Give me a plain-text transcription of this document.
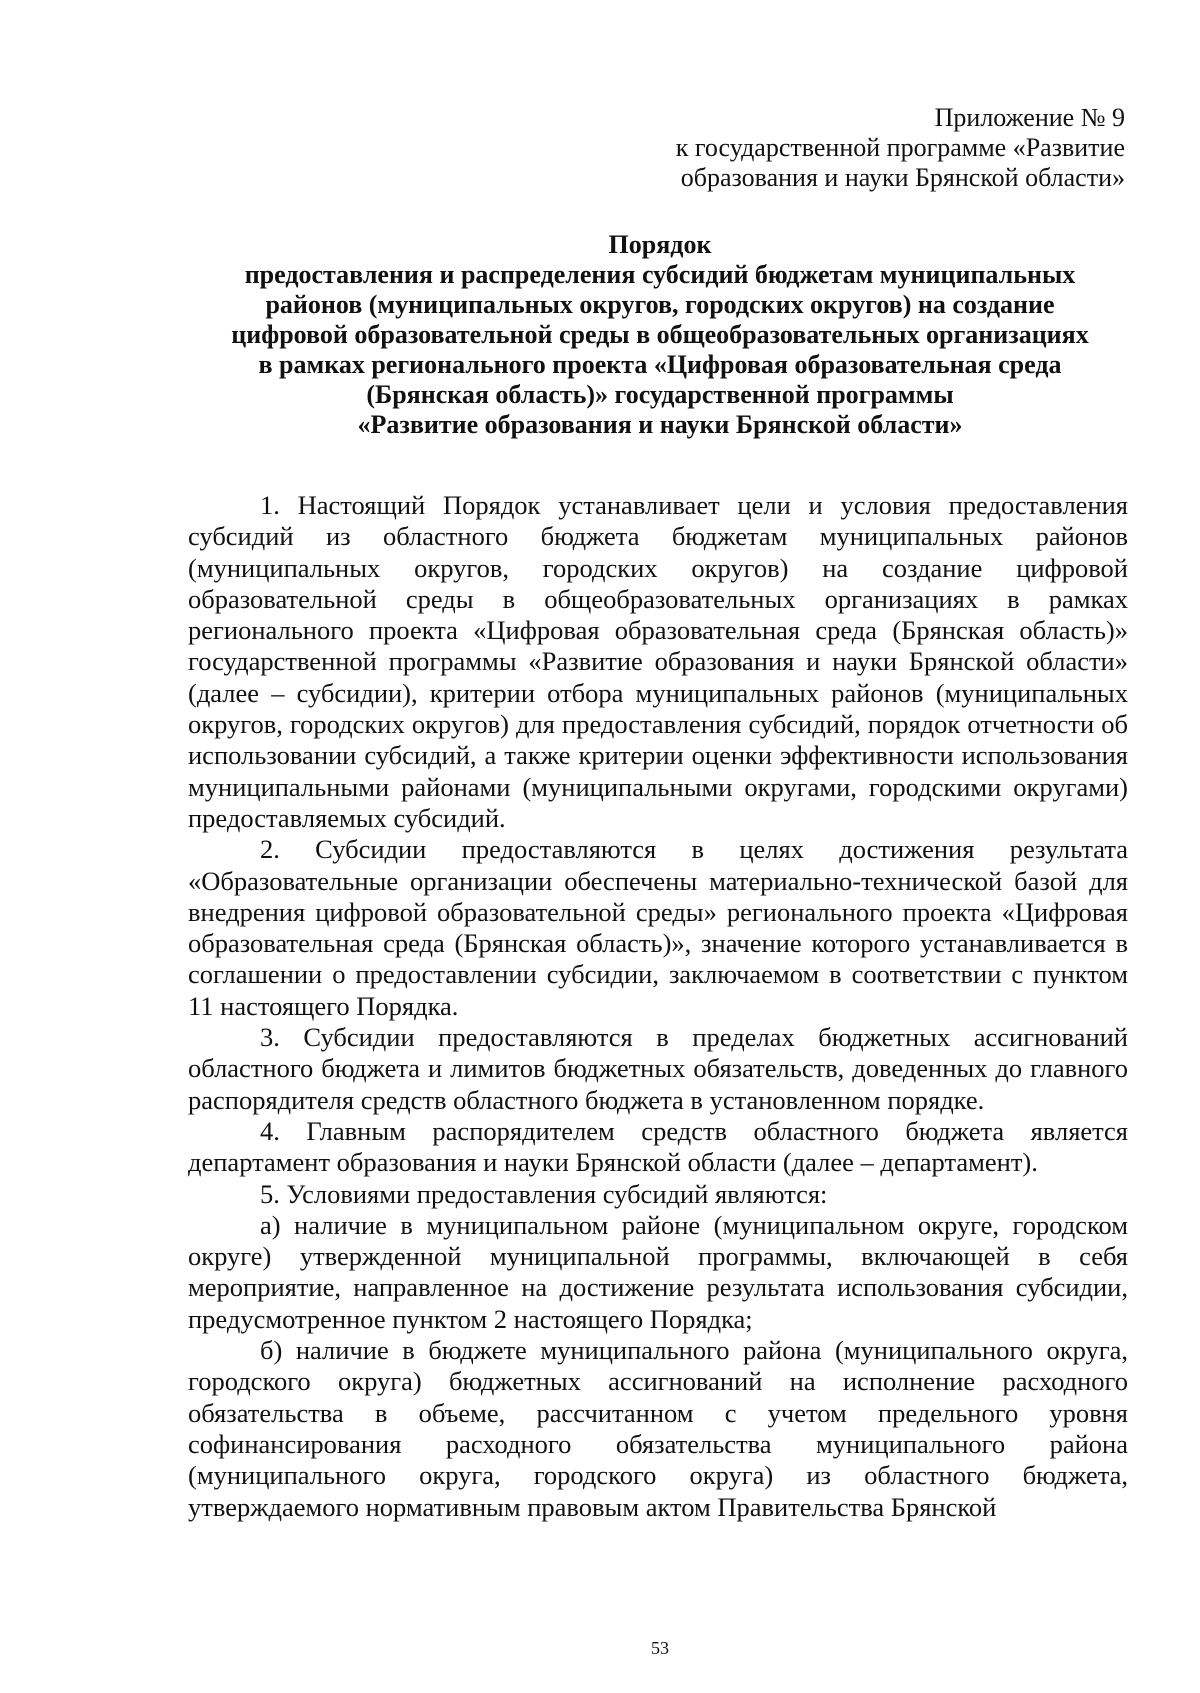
Приложение № 9
к государственной программе «Развитие
образования и науки Брянской области»
Порядок
предоставления и распределения субсидий бюджетам муниципальных
районов (муниципальных округов, городских округов) на создание
цифровой образовательной среды в общеобразовательных организациях
в рамках регионального проекта «Цифровая образовательная среда
(Брянская область)» государственной программы
«Развитие образования и науки Брянской области»

1. Настоящий Порядок устанавливает цели и условия предоставления субсидий из областного бюджета бюджетам муниципальных районов (муниципальных округов, городских округов) на создание цифровой образовательной среды в общеобразовательных организациях в рамках регионального проекта «Цифровая образовательная среда (Брянская область)» государственной программы «Развитие образования и науки Брянской области» (далее – субсидии), критерии отбора муниципальных районов (муниципальных округов, городских округов) для предоставления субсидий, порядок отчетности об использовании субсидий, а также критерии оценки эффективности использования муниципальными районами (муниципальными округами, городскими округами) предоставляемых субсидий.

2. Субсидии предоставляются в целях достижения результата «Образовательные организации обеспечены материально-технической базой для внедрения цифровой образовательной среды» регионального проекта «Цифровая образовательная среда (Брянская область)», значение которого устанавливается в соглашении о предоставлении субсидии, заключаемом в соответствии с пунктом 11 настоящего Порядка.

3. Субсидии предоставляются в пределах бюджетных ассигнований областного бюджета и лимитов бюджетных обязательств, доведенных до главного распорядителя средств областного бюджета в установленном порядке.

4. Главным распорядителем средств областного бюджета является департамент образования и науки Брянской области (далее – департамент).

5. Условиями предоставления субсидий являются:

а) наличие в муниципальном районе (муниципальном округе, городском округе) утвержденной муниципальной программы, включающей в себя мероприятие, направленное на достижение результата использования субсидии, предусмотренное пунктом 2 настоящего Порядка;

б) наличие в бюджете муниципального района (муниципального округа, городского округа) бюджетных ассигнований на исполнение расходного обязательства в объеме, рассчитанном с учетом предельного уровня софинансирования расходного обязательства муниципального района (муниципального округа, городского округа) из областного бюджета, утверждаемого нормативным правовым актом Правительства Брянской

53
